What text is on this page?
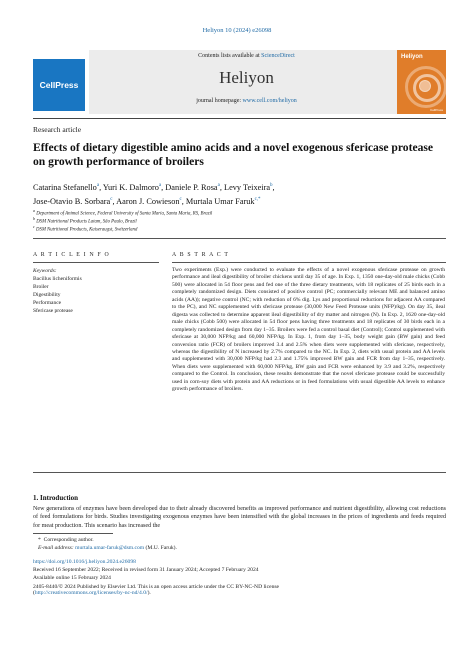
Heliyon 10 (2024) e26098
CellPress
Contents lists available at ScienceDirect
Heliyon
journal homepage: www.cell.com/heliyon
Heliyon
CellPress
Research article
Effects of dietary digestible amino acids and a novel exogenous sfericase protease on growth performance of broilers
Catarina Stefanello$^a$, Yuri K. Dalmoro$^a$, Daniele P. Rosa$^a$, Levy Teixeira$^b$,
Jose-Otavio B. Sorbara$^c$, Aaron J. Cowieson$^c$, Murtala Umar Faruk$^{c,*}$
$^a$ Department of Animal Science, Federal University of Santa Maria, Santa Maria, RS, Brazil
$^b$ DSM Nutritional Products Latam, São Paulo, Brazil
$^c$ DSM Nutritional Products, Kaiseraugst, Switzerland
A R T I C L E I N F O	A B S T R A C T
Keywords:
Bacillus licheniformis
Broiler
Digestibility
Performance
Sfericase protease
Two experiments (Exp.) were conducted to evaluate the effects of a novel exogenous sfericase protease on growth performance and ileal digestibility of broiler chickens until day 35 of age. In Exp. 1, 1350 one-day-old male chicks (Cobb 500) were allocated in 54 floor pens and fed one of the three dietary treatments, with 18 replicates of 25 birds each in a completely randomized design. Diets consisted of positive control (PC; commercially relevant ME and balanced amino acids (AA)); negative control (NC; with reduction of 6% dig. Lys and proportional reductions for adjacent AA compared to the PC), and NC supplemented with sfericase protease (30,000 New Feed Protease units (NFP)/kg). On day 35, ileal digesta was collected to determine apparent ileal digestibility of dry matter and nitrogen (N). In Exp. 2, 1620 one-day-old male chicks (Cobb 500) were allocated in 54 floor pens having three treatments and 18 replicates of 30 birds each in a completely randomized design from day 1–35. Broilers were fed a control basal diet (Control); Control supplemented with sfericase at 30,000 NFP/kg and 60,000 NFP/kg. In Exp. 1, from day 1–35, body weight gain (BW gain) and feed conversion ratio (FCR) of broilers improved 3.4 and 2.5% when diets were supplemented with sfericase, respectively, whereas the digestibility of N increased by 2.7% compared to the NC. In Exp. 2, diets with usual protein and AA levels and supplemented with 30,000 NFP/kg had 2.3 and 1.75% improved BW gain and FCR from day 1–35, respectively. When diets were supplemented with 60,000 NFP/kg, BW gain and FCR were enhanced by 3.9 and 3.2%, respectively compared to the Control. In conclusion, these results demonstrate that the novel sfericase protease could be successfully used in corn-soy diets with protein and AA reductions or in feed formulations with usual digestible AA levels to enhance growth performance of broilers.
1. Introduction
New generations of enzymes have been developed due to their already discovered benefits as improved performance and nutrient digestibility, allowing cost reductions of feed formulations for birds. Studies investigating exogenous enzymes have been intensified with the global increases in the prices of ingredients and feeds required for meat production. This scenario has increased the
* Corresponding author.
E-mail address: murtala.umar-faruk@dsm.com (M.U. Faruk).
https://doi.org/10.1016/j.heliyon.2024.e26098
Received 16 September 2022; Received in revised form 31 January 2024; Accepted 7 February 2024
Available online 15 February 2024
2405-8440/© 2024 Published by Elsevier Ltd. This is an open access article under the CC BY-NC-ND license
(http://creativecommons.org/licenses/by-nc-nd/4.0/).
